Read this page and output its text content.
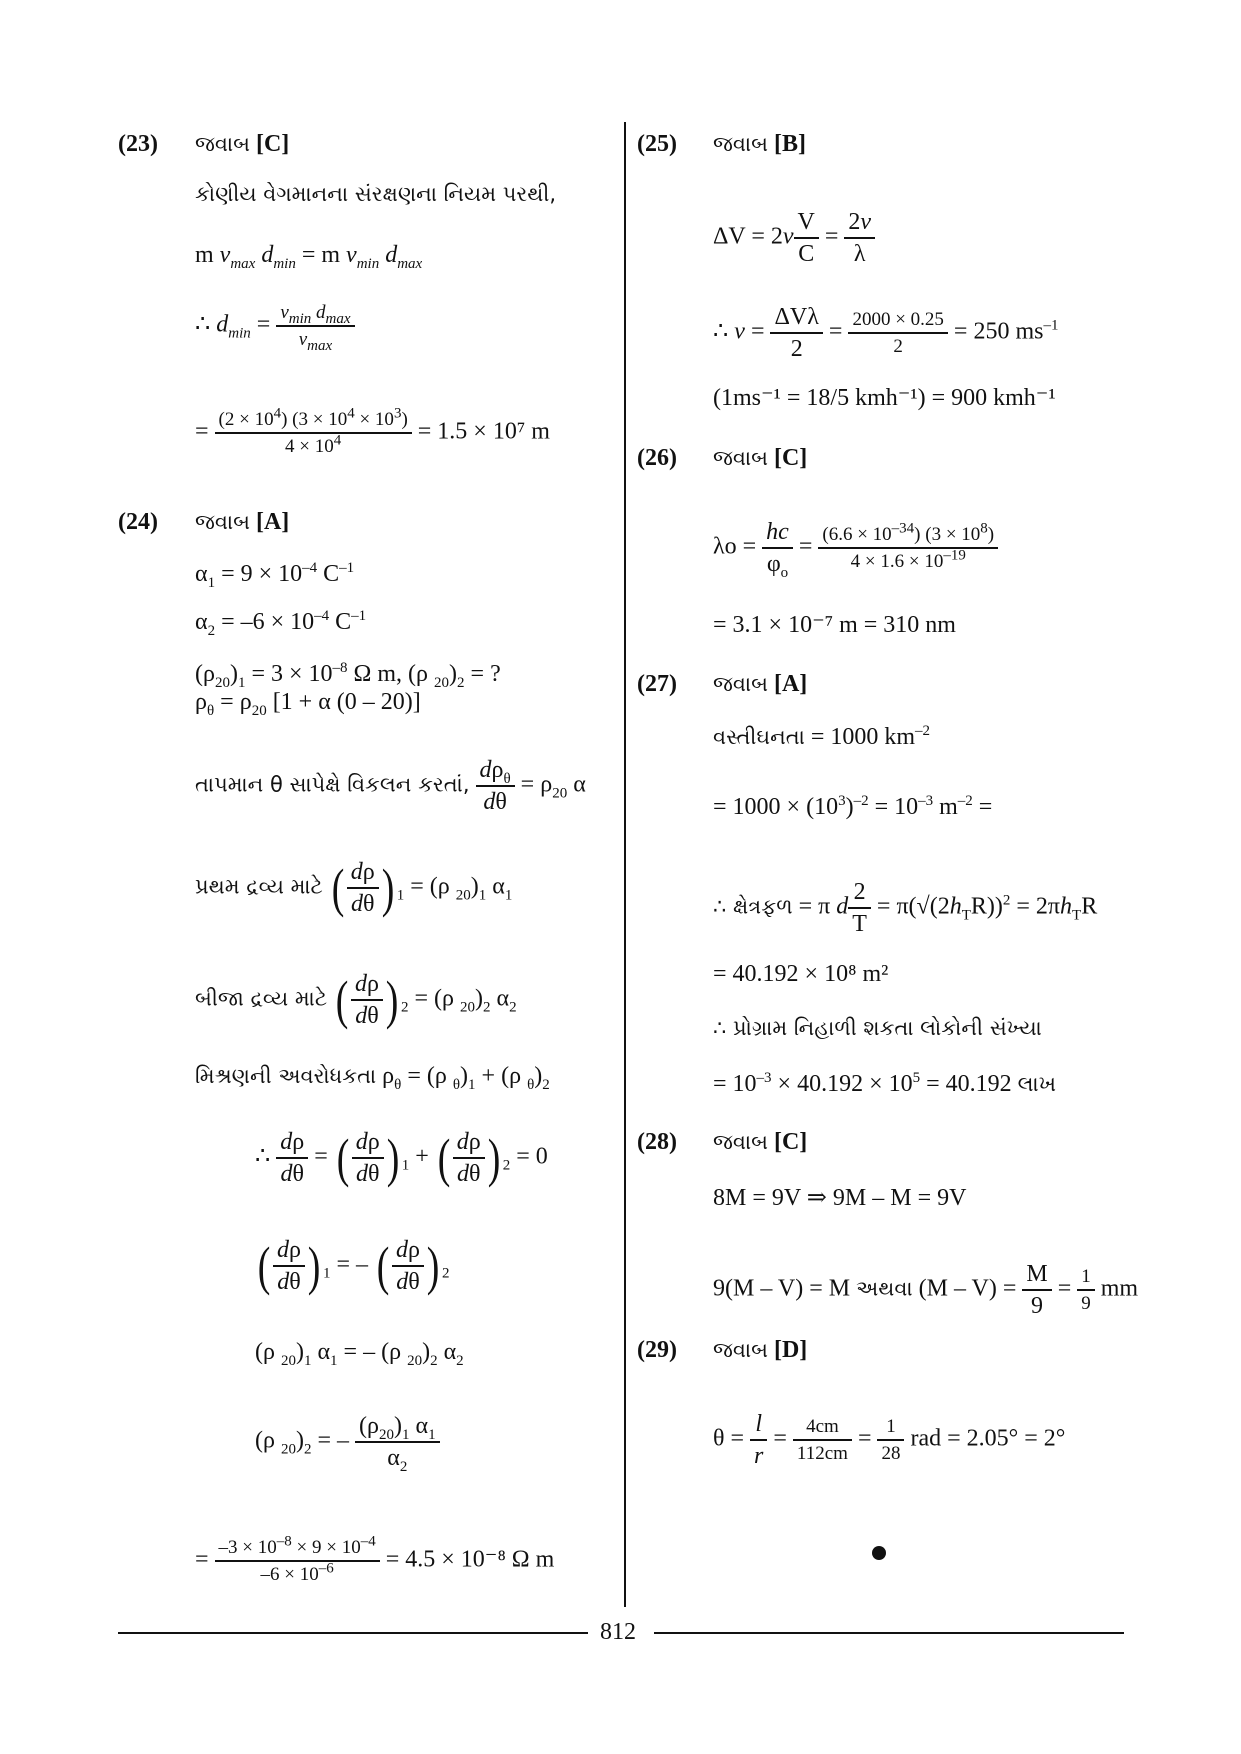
(23) જવાબ [C]
કોણીય વેગમાનના સંરક્ષણના નિયમ પરથી,
m $v_{max}$ $d_{min} = m$ $v_{min}$ $d_{max}$
∴ $d_{min} = \frac{v_{min} d_{max}}{v_{max}}$
= $\frac{(2 \times 10^4) (3 \times 10^4 \times 10^3)}{4 \times 10^4} = 1.5 \times 10^7$ m
(24) જવાબ [A]
$\alpha_1 = 9 \times 10^{-4}$ $C^{-1}$
$\alpha_2 = -6 \times 10^{-4}$ $C^{-1}$
$(\rho_{20})_1 = 3 \times 10^{-8}$ Ω m, (ρ $_{20})_2$ = ?
$\rho_\theta = \rho_{20}$ [1 + α (0 – 20)]
તાપમાન θ સાપેક્ષે વિકલન કરતાં, $\frac{d\rho_\theta}{d\theta} = \rho_{20}$ α
પ્રથમ દ્રવ્ય માટે ( $\frac{d\rho}{d\theta}$ ) $_1$ = (ρ $_{20})_1$ $\alpha_1$
બીજા દ્રવ્ય માટે ( $\frac{d\rho}{d\theta}$ ) $_2$ = (ρ $_{20})_2$ $\alpha_2$
મિશ્રણની અવરોધકતા $\rho_\theta = (\rho$ $_\theta)_1 + (\rho$ $_\theta)_2$
∴ $\frac{d\rho}{d\theta}$ = ( $\frac{d\rho}{d\theta}$ ) $_1$ + ( $\frac{d\rho}{d\theta}$ ) $_2$ = 0
( $\frac{d\rho}{d\theta}$ ) $_1$ = – ( $\frac{d\rho}{d\theta}$ ) $_2$
(ρ $_{20})_1$ $\alpha_1$ = – (ρ $_{20})_2$ $\alpha_2$
(ρ $_{20})_2$ = – $\frac{(\rho_{20})_1 \alpha_1}{\alpha_2}$
= $\frac{-3 \times 10^{-8} \times 9 \times 10^{-4}}{-6 \times 10^{-6}} = 4.5 \times 10^{-8}$ Ω m
(25) જવાબ [B]
$\Delta V = 2v \frac{V}{C} = \frac{2v}{\lambda}$
∴ $v = \frac{\text{ΔVλ}}{2} = \frac{2000 \times 0.25}{2} = 250$ $ms^{-1}$
(1ms⁻¹ = 18/5 kmh⁻¹) = 900 kmh⁻¹
(26) જવાબ [C]
$\lambda o = \frac{hc}{\varphi_o} = \frac{(6.6 \times 10^{-34}) (3 \times 10^8)}{4 \times 1.6 \times 10^{-19}}$
= 3.1 × 10⁻⁷ m = 310 nm
(27) જવાબ [A]
વસ્તીઘનતા = 1000 $km^{-2}$
= $1000 \times (10^3)^{-2} = 10^{-3}$ $m^{-2}$ =
∴ ક્ષેત્રફળ = π d $\frac{2}{T} = \pi(√(2h_TR))^2 = 2\pi h_TR$
= 40.192 × 10⁸ m²
∴ પ્રોગ્રામ નિહાળી શકતા લોકોની સંખ્યા
= $10^{-3} \times 40.192 \times 10^5 = 40.192$ લાખ
(28) જવાબ [C]
8M = 9V ⇒ 9M – M = 9V
9(M – V) = M અથવા $(M - V) = \frac{M}{9} = \frac{1}{9}$ mm
(29) જવાબ [D]
$\theta = \frac{l}{r} = \frac{4cm}{112cm} = \frac{1}{28}$ rad = 2.05° = 2°
812
